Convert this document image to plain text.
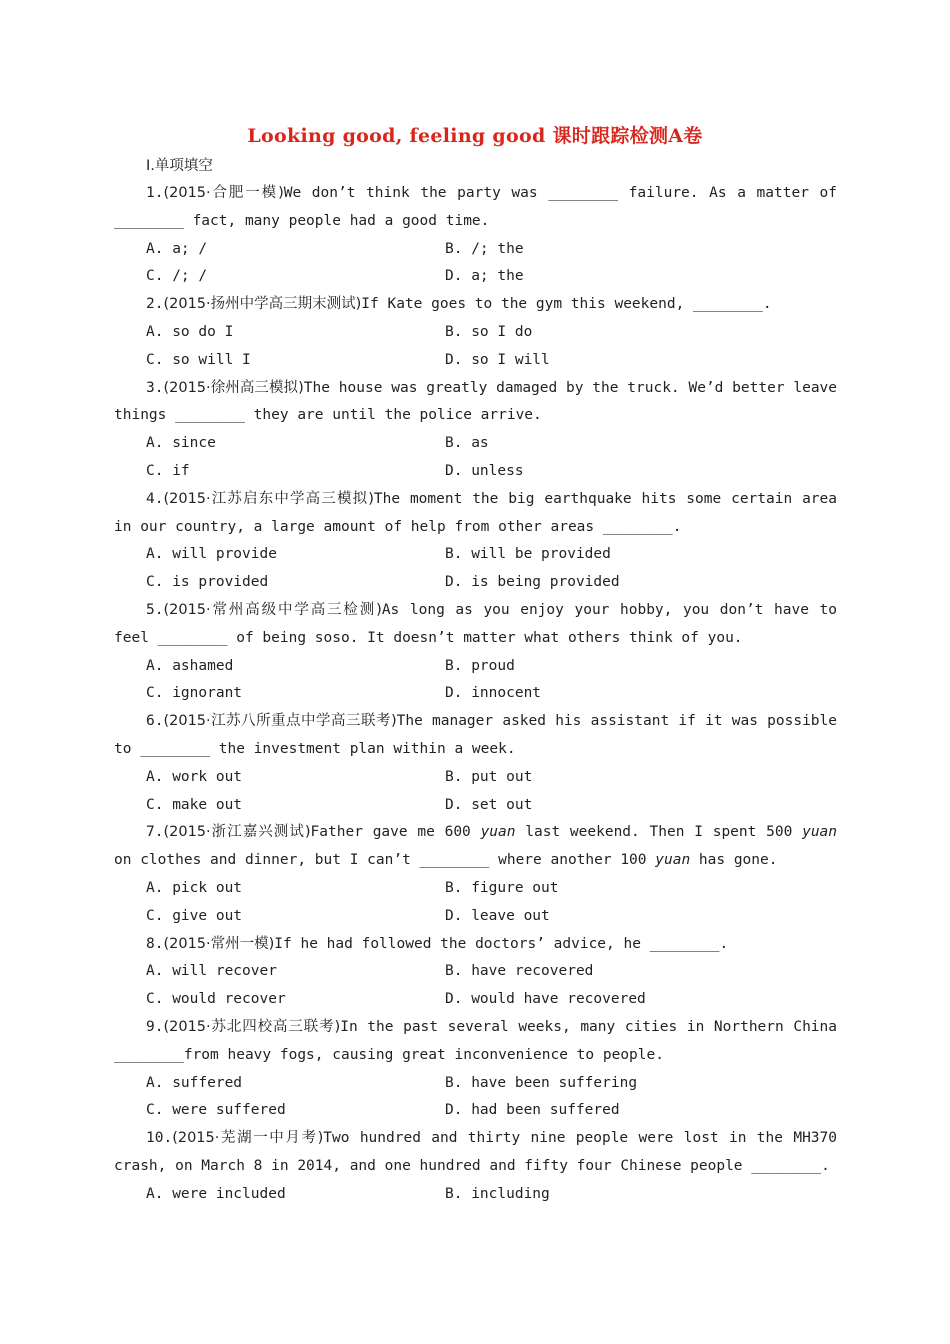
Looking good, feeling good 课时跟踪检测A卷
Ⅰ.单项填空
1.(2015·合肥一模)We don’t think the party was ________ failure. As a matter of ________ fact, many people had a good time.
A. a; /	B. /; the
C. /; /	D. a; the
2.(2015·扬州中学高三期末测试)If Kate goes to the gym this weekend, ________.
A. so do I	B. so I do
C. so will I	D. so I will
3.(2015·徐州高三模拟)The house was greatly damaged by the truck. We’d better leave things ________ they are until the police arrive.
A. since	B. as
C. if	D. unless
4.(2015·江苏启东中学高三模拟)The moment the big earthquake hits some certain area in our country, a large amount of help from other areas ________.
A. will provide	B. will be provided
C. is provided	D. is being provided
5.(2015·常州高级中学高三检测)As long as you enjoy your hobby, you don’t have to feel ________ of being soso. It doesn’t matter what others think of you.
A. ashamed	B. proud
C. ignorant	D. innocent
6.(2015·江苏八所重点中学高三联考)The manager asked his assistant if it was possible to ________ the investment plan within a week.
A. work out	B. put out
C. make out	D. set out
7.(2015·浙江嘉兴测试)Father gave me 600 yuan last weekend. Then I spent 500 yuan on clothes and dinner, but I can’t ________ where another 100 yuan has gone.
A. pick out	B. figure out
C. give out	D. leave out
8.(2015·常州一模)If he had followed the doctors’ advice, he ________.
A. will recover	B. have recovered
C. would recover	D. would have recovered
9.(2015·苏北四校高三联考)In the past several weeks, many cities in Northern China ________from heavy fogs, causing great inconvenience to people.
A. suffered	B. have been suffering
C. were suffered	D. had been suffered
10.(2015·芜湖一中月考)Two hundred and thirty nine people were lost in the MH370 crash, on March 8 in 2014, and one hundred and fifty four Chinese people ________.
A. were included	B. including
